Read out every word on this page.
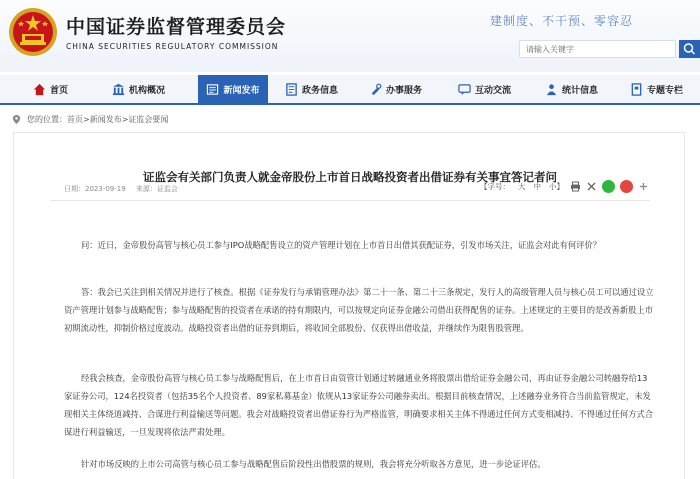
中国证券监督管理委员会
CHINA SECURITIES REGULATORY COMMISSION
建制度、不干预、零容忍
请输入关键字
首页	机构概况	新闻发布	政务信息	办事服务	互动交流	统计信息	专题专栏
您的位置： 首页 > 新闻发布 > 证监会要闻
证监会有关部门负责人就金帝股份上市首日战略投资者出借证券有关事宜答记者问
日期：2023-09-19 来源：证监会	【字号： 大 中 小 】

问：近日，金帝股份高管与核心员工参与IPO战略配售设立的资产管理计划在上市首日出借其获配证券，引发市场关注，证监会对此有何评价？

答：我会已关注到相关情况并进行了核查。根据《证券发行与承销管理办法》第二十一条、第二十三条规定，发行人的高级管理人员与核心员工可以通过设立资产管理计划参与战略配售；参与战略配售的投资者在承诺的持有期限内，可以按规定向证券金融公司借出获得配售的证券。上述规定的主要目的是改善新股上市初期流动性，抑制价格过度波动。战略投资者出借的证券到期后，将收回全部股份、仅获得出借收益，并继续作为限售股管理。

经我会核查，金帝股份高管与核心员工参与战略配售后，在上市首日由资管计划通过转融通业务将股票出借给证券金融公司，再由证券金融公司转融券给13家证券公司，124名投资者（包括35名个人投资者、89家私募基金）依规从13家证券公司融券卖出。根据目前核查情况，上述融券业务符合当前监管规定，未发现相关主体绕道减持、合谋进行利益输送等问题。我会对战略投资者出借证券行为严格监管，明确要求相关主体不得通过任何方式变相减持、不得通过任何方式合谋进行利益输送，一旦发现将依法严肃处理。

针对市场反映的上市公司高管与核心员工参与战略配售后阶段性出借股票的规则，我会将充分听取各方意见，进一步论证评估。
